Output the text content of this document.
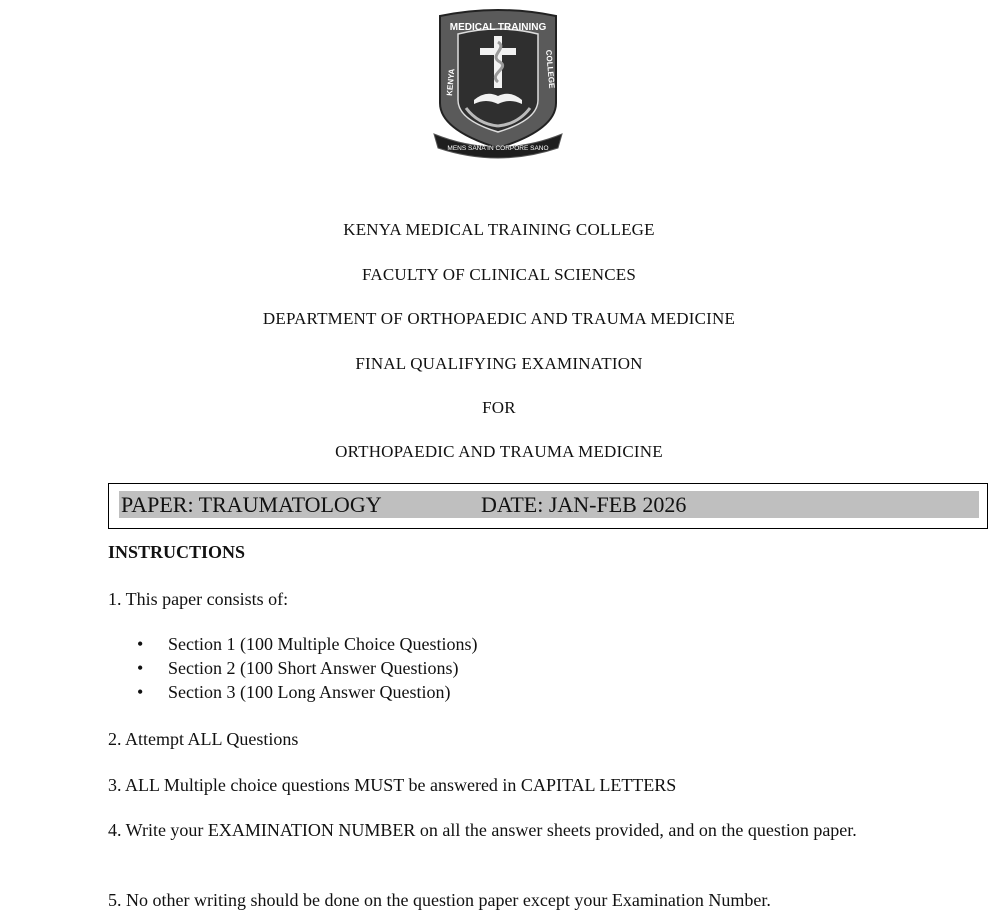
MEDICAL TRAINING
KENYA	COLLEGE
MENS SANA IN CORPORE SANO
KENYA MEDICAL TRAINING COLLEGE
FACULTY OF CLINICAL SCIENCES
DEPARTMENT OF ORTHOPAEDIC AND TRAUMA MEDICINE
FINAL QUALIFYING EXAMINATION
FOR
ORTHOPAEDIC AND TRAUMA MEDICINE
PAPER: TRAUMATOLOGY	DATE: JAN-FEB 2026
INSTRUCTIONS
1. This paper consists of:
• Section 1 (100 Multiple Choice Questions)
• Section 2 (100 Short Answer Questions)
• Section 3 (100 Long Answer Question)
2. Attempt ALL Questions
3. ALL Multiple choice questions MUST be answered in CAPITAL LETTERS
4. Write your EXAMINATION NUMBER on all the answer sheets provided, and on the question paper.
5. No other writing should be done on the question paper except your Examination Number.
